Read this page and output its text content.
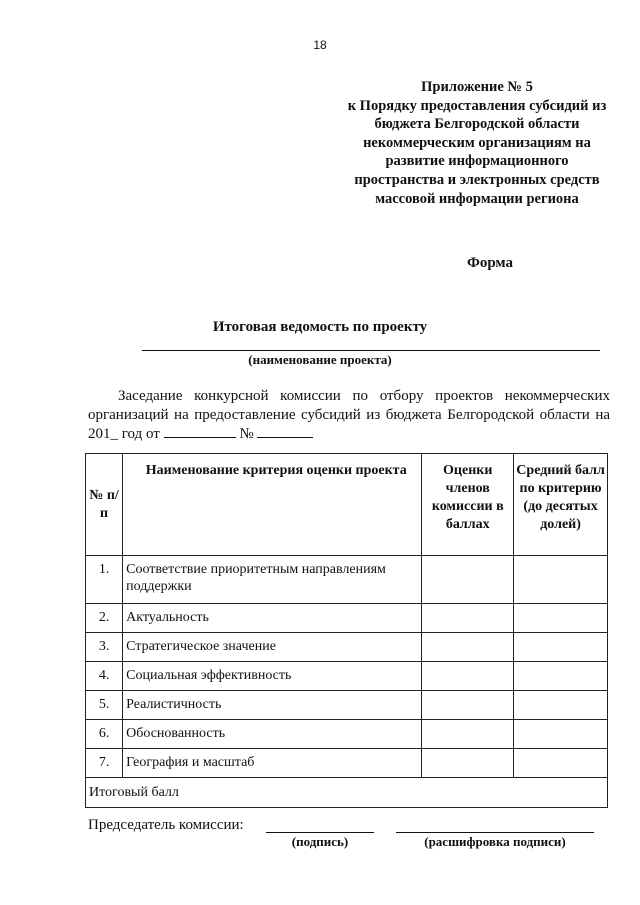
18
Приложение № 5
к Порядку предоставления субсидий из
бюджета Белгородской области
некоммерческим организациям на
развитие информационного
пространства и электронных средств
массовой информации региона
Форма
Итоговая ведомость по проекту
(наименование проекта)
Заседание конкурсной комиссии по отбору проектов некоммерческих организаций на предоставление субсидий из бюджета Белгородской области на 201_ год от	№
№ п/п	Наименование критерия оценки проекта	Оценки членов комиссии в баллах	Средний балл по критерию (до десятых долей)
1.	Соответствие приоритетным направлениям поддержки		
2.	Актуальность		
3.	Стратегическое значение		
4.	Социальная эффективность		
5.	Реалистичность		
6.	Обоснованность		
7.	География и масштаб		
Итоговый балл			
Председатель комиссии:
(подпись)	(расшифровка подписи)
